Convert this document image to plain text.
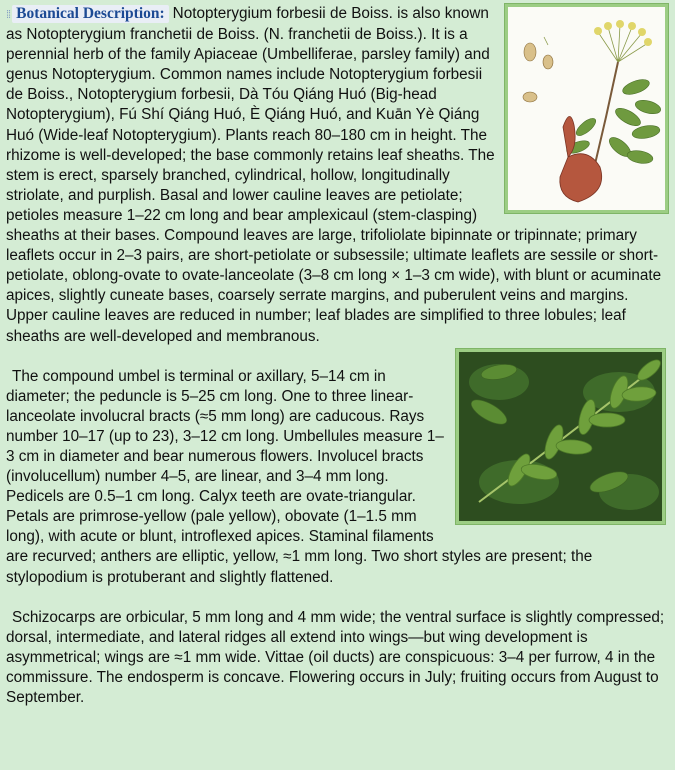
⁞⁞ Botanical Description: Notopterygium forbesii de Boiss. is also known as Notopterygium franchetii de Boiss. (N. franchetii de Boiss.). It is a perennial herb of the family Apiaceae (Umbelliferae, parsley family) and genus Notopterygium. Common names include Notopterygium forbesii de Boiss., Notopterygium forbesii, Dà Tóu Qiáng Huó (Big-head Notopterygium), Fú Shí Qiáng Huó, È Qiáng Huó, and Kuān Yè Qiáng Huó (Wide-leaf Notopterygium). Plants reach 80–180 cm in height. The rhizome is well-developed; the base commonly retains leaf sheaths. The stem is erect, sparsely branched, cylindrical, hollow, longitudinally striolate, and purplish. Basal and lower cauline leaves are petiolate; petioles measure 1–22 cm long and bear amplexicaul (stem-clasping) sheaths at their bases. Compound leaves are large, trifoliolate bipinnate or tripinnate; primary leaflets occur in 2–3 pairs, are short-petiolate or subsessile; ultimate leaflets are sessile or short-petiolate, oblong-ovate to ovate-lanceolate (3–8 cm long × 1–3 cm wide), with blunt or acuminate apices, slightly cuneate bases, coarsely serrate margins, and puberulent veins and margins. Upper cauline leaves are reduced in number; leaf blades are simplified to three lobules; leaf sheaths are well-developed and membranous.

The compound umbel is terminal or axillary, 5–14 cm in diameter; the peduncle is 5–25 cm long. One to three linear-lanceolate involucral bracts (≈5 mm long) are caducous. Rays number 10–17 (up to 23), 3–12 cm long. Umbellules measure 1–3 cm in diameter and bear numerous flowers. Involucel bracts (involucellum) number 4–5, are linear, and 3–4 mm long. Pedicels are 0.5–1 cm long. Calyx teeth are ovate-triangular. Petals are primrose-yellow (pale yellow), obovate (1–1.5 mm long), with acute or blunt, introflexed apices. Staminal filaments are recurved; anthers are elliptic, yellow, ≈1 mm long. Two short styles are present; the stylopodium is protuberant and slightly flattened.

Schizocarps are orbicular, 5 mm long and 4 mm wide; the ventral surface is slightly compressed; dorsal, intermediate, and lateral ridges all extend into wings—but wing development is asymmetrical; wings are ≈1 mm wide. Vittae (oil ducts) are conspicuous: 3–4 per furrow, 4 in the commissure. The endosperm is concave. Flowering occurs in July; fruiting occurs from August to September.
